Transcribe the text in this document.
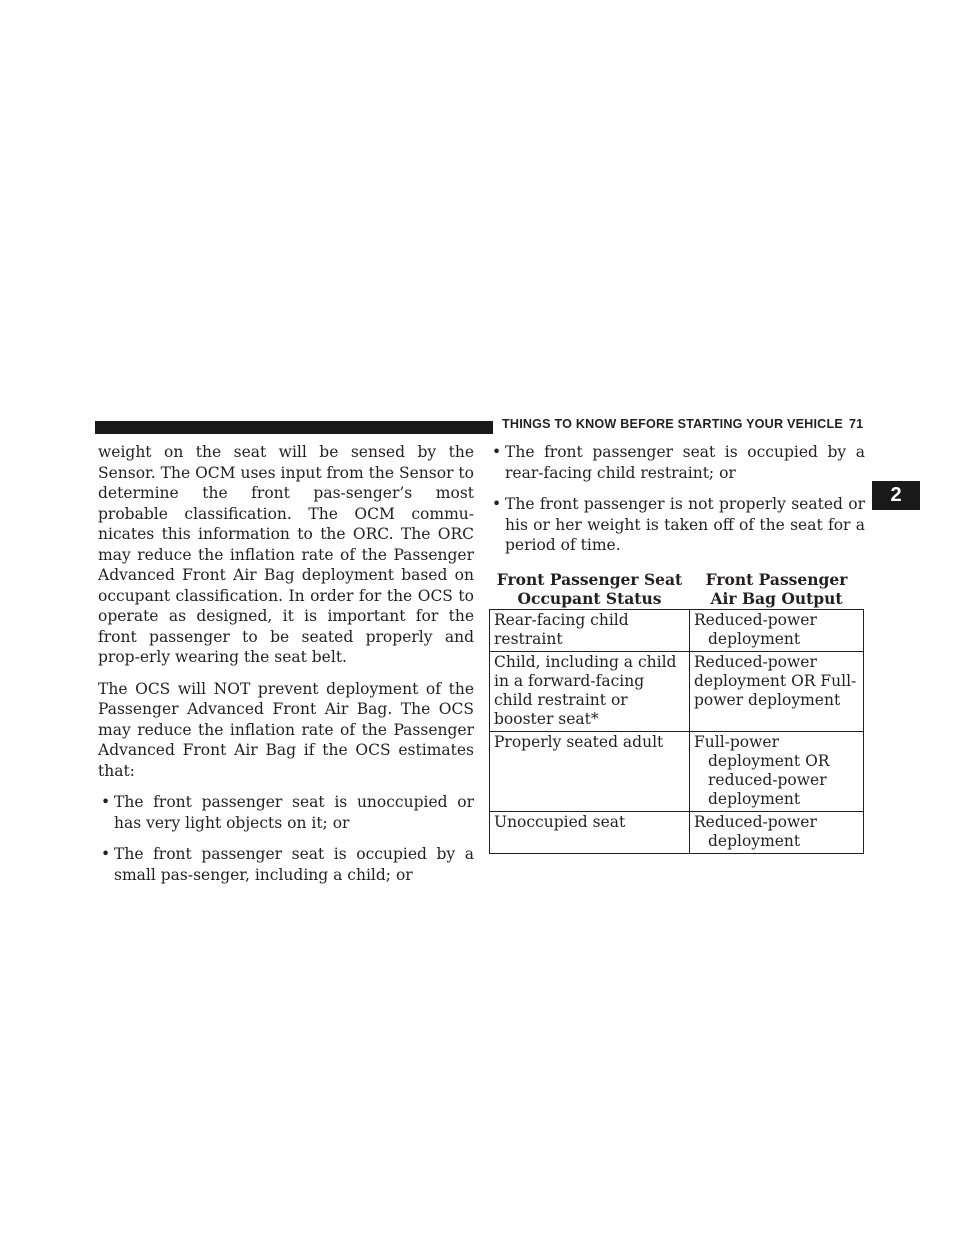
THINGS TO KNOW BEFORE STARTING YOUR VEHICLE 71
2

weight on the seat will be sensed by the Sensor. The OCM uses input from the Sensor to determine the front pas-senger’s most probable classification. The OCM commu-nicates this information to the ORC. The ORC may reduce the inflation rate of the Passenger Advanced Front Air Bag deployment based on occupant classification. In order for the OCS to operate as designed, it is important for the front passenger to be seated properly and prop-erly wearing the seat belt.

The OCS will NOT prevent deployment of the Passenger Advanced Front Air Bag. The OCS may reduce the inflation rate of the Passenger Advanced Front Air Bag if the OCS estimates that:

• The front passenger seat is unoccupied or has very light objects on it; or
• The front passenger seat is occupied by a small pas-senger, including a child; or
• The front passenger seat is occupied by a rear-facing child restraint; or
• The front passenger is not properly seated or his or her weight is taken off of the seat for a period of time.
Front Passenger Seat Occupant Status	Front Passenger Air Bag Output
Rear-facing child restraint	Reduced-power deployment

Child, including a child in a forward-facing child restraint or booster seat*	Reduced-power deployment OR Full-power deployment
Properly seated adult	Full-power deployment OR reduced-power deployment

Unoccupied seat	Reduced-power deployment
